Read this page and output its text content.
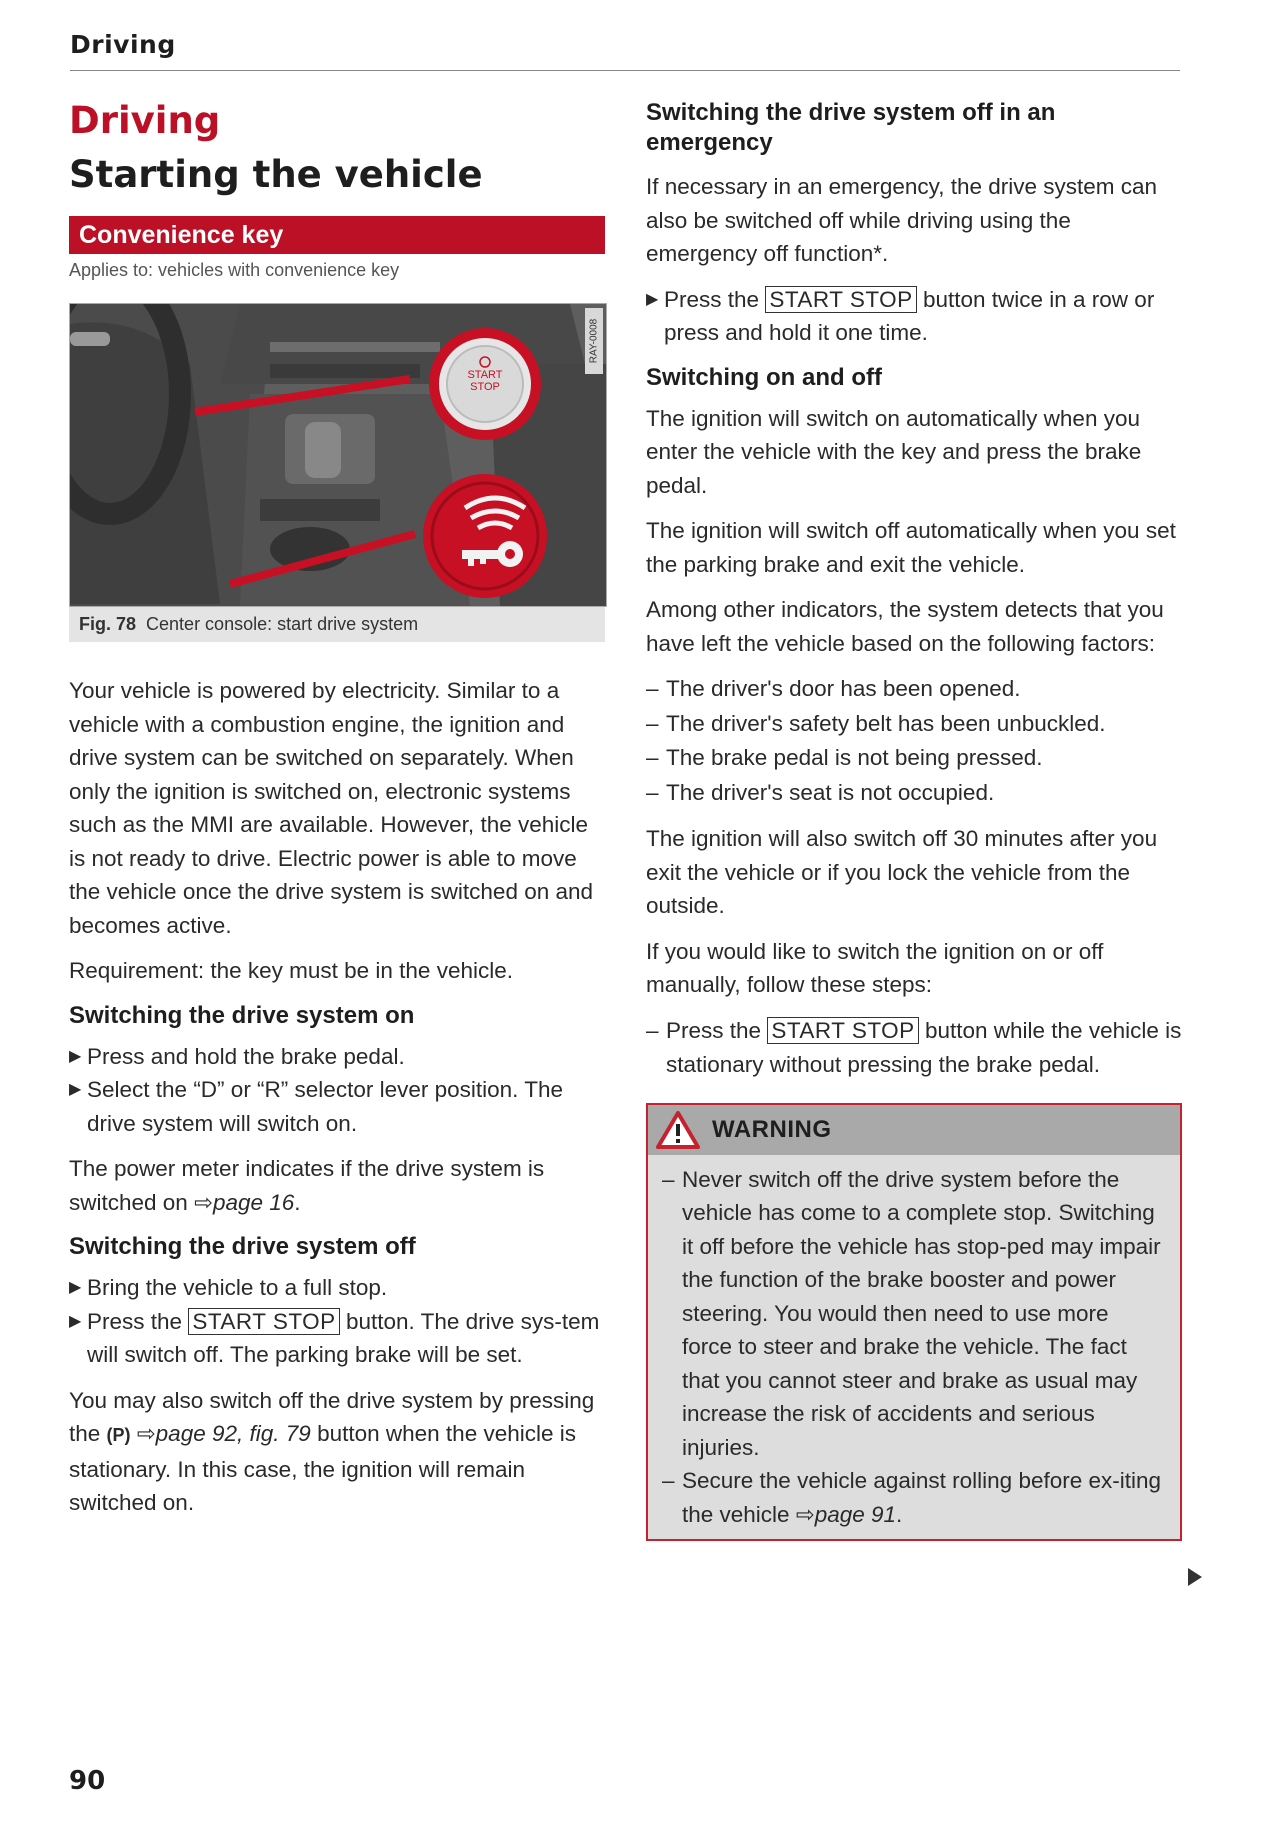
Driving
Driving
Starting the vehicle
Convenience key
Applies to: vehicles with convenience key
START
STOP
RAY-0008
Fig. 78 Center console: start drive system

Your vehicle is powered by electricity. Similar to a vehicle with a combustion engine, the ignition and drive system can be switched on separately. When only the ignition is switched on, electronic systems such as the MMI are available. However, the vehicle is not ready to drive. Electric power is able to move the vehicle once the drive system is switched on and becomes active.

Requirement: the key must be in the vehicle.

Switching the drive system on
▶ Press and hold the brake pedal.
▶ Select the “D” or “R” selector lever position. The drive system will switch on.

The power meter indicates if the drive system is switched on ⇨page 16.

Switching the drive system off
▶ Bring the vehicle to a full stop.
▶ Press the START STOP button. The drive sys-tem will switch off. The parking brake will be set.

You may also switch off the drive system by pressing the (P) ⇨page 92, fig. 79 button when the vehicle is stationary. In this case, the ignition will remain switched on.

Switching the drive system off in an emergency

If necessary in an emergency, the drive system can also be switched off while driving using the emergency off function*.

▶ Press the START STOP button twice in a row or press and hold it one time.
Switching on and off

The ignition will switch on automatically when you enter the vehicle with the key and press the brake pedal.

The ignition will switch off automatically when you set the parking brake and exit the vehicle.

Among other indicators, the system detects that you have left the vehicle based on the following factors:

– The driver's door has been opened.
– The driver's safety belt has been unbuckled.
– The brake pedal is not being pressed.
– The driver's seat is not occupied.

The ignition will also switch off 30 minutes after you exit the vehicle or if you lock the vehicle from the outside.

If you would like to switch the ignition on or off manually, follow these steps:

– Press the START STOP button while the vehicle is stationary without pressing the brake pedal.
WARNING
– Never switch off the drive system before the vehicle has come to a complete stop. Switching it off before the vehicle has stop-ped may impair the function of the brake booster and power steering. You would then need to use more force to steer and brake the vehicle. The fact that you cannot steer and brake as usual may increase the risk of accidents and serious injuries.
– Secure the vehicle against rolling before ex-iting the vehicle ⇨page 91.
90
